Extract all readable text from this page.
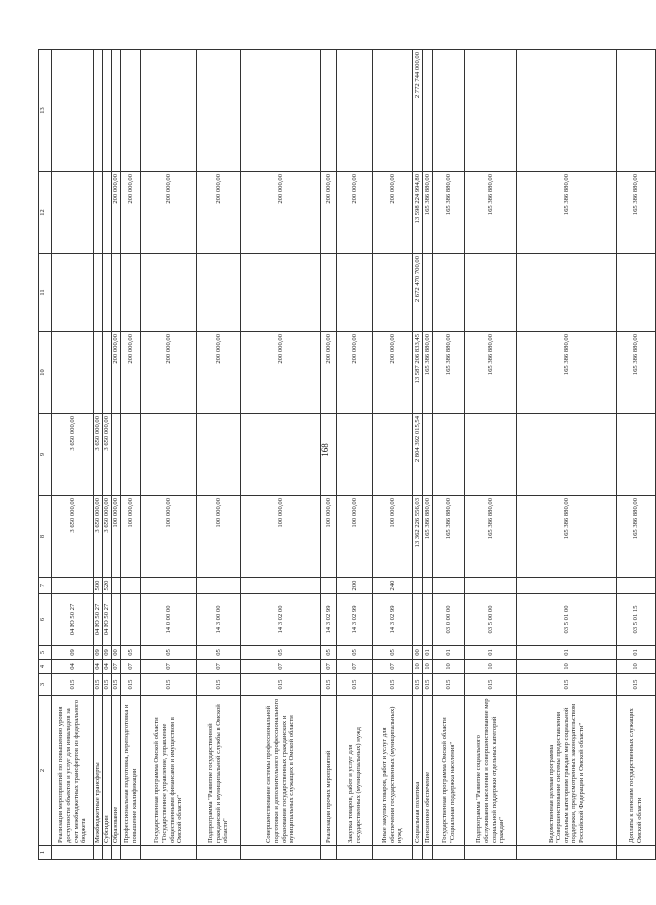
168
1	2	3	4	5	6	7	8	9	10	11	12	13
	Реализация мероприятий по повышению уровня доступности объектов и услуг для инвалидов за счет межбюджетных трансфертов из федерального бюджета	015	04	09	04 Ю 50 27		3 650 000,00	3 650 000,00				
	Межбюджетные трансферты	015	04	09	04 Ю 50 27	500	3 650 000,00	3 650 000,00				
	Субсидии	015	04	09	04 Ю 50 27	520	3 650 000,00	3 650 000,00				
	Образование	015	07	00			100 000,00		200 000,00		200 000,00	
	Профессиональная подготовка, переподготовка и повышение квалификации	015	07	05			100 000,00		200 000,00		200 000,00	
	Государственная программа Омской области "Государственное управление, управление общественными финансами и имуществом в Омской области"	015	07	05	14 0 00 00		100 000,00		200 000,00		200 000,00	
	Подпрограмма "Развитие государственной гражданской и муниципальной службы в Омской области"	015	07	05	14 3 00 00		100 000,00		200 000,00		200 000,00	
	Совершенствование системы профессиональной подготовки и дополнительного профессионального образования государственных гражданских и муниципальных служащих в Омской области	015	07	05	14 3 02 00		100 000,00		200 000,00		200 000,00	
	Реализация прочих мероприятий	015	07	05	14 3 02 99		100 000,00		200 000,00		200 000,00	
	Закупка товаров, работ и услуг для государственных (муниципальных) нужд	015	07	05	14 3 02 99	200	100 000,00		200 000,00		200 000,00	
	Иные закупки товаров, работ и услуг для обеспечения государственных (муниципальных) нужд	015	07	05	14 3 02 99	240	100 000,00		200 000,00		200 000,00	
	Социальная политика	015	10	00			13 362 226 556,03	2 804 392 015,54	13 587 206 833,45	2 672 470 700,00	13 598 224 994,80	2 772 744 000,00
	Пенсионное обеспечение	015	10	01			165 386 880,00		165 386 880,00		165 386 880,00	
	Государственная программа Омской области "Социальная поддержка населения"	015	10	01	03 0 00 00		165 386 880,00		165 386 880,00		165 386 880,00	
	Подпрограмма "Развитие социального обслуживания населения и совершенствование мер социальной поддержки отдельных категорий граждан"	015	10	01	03 5 00 00		165 386 880,00		165 386 880,00		165 386 880,00	
	Ведомственная целевая программа "Совершенствование системы предоставления отдельным категориям граждан мер социальной поддержки, предусмотренных законодательством Российской Федерации и Омской области"	015	10	01	03 5 01 00		165 386 880,00		165 386 880,00		165 386 880,00	
	Доплаты к пенсиям государственных служащих Омской области	015	10	01	03 5 01 15		165 386 880,00		165 386 880,00		165 386 880,00	
